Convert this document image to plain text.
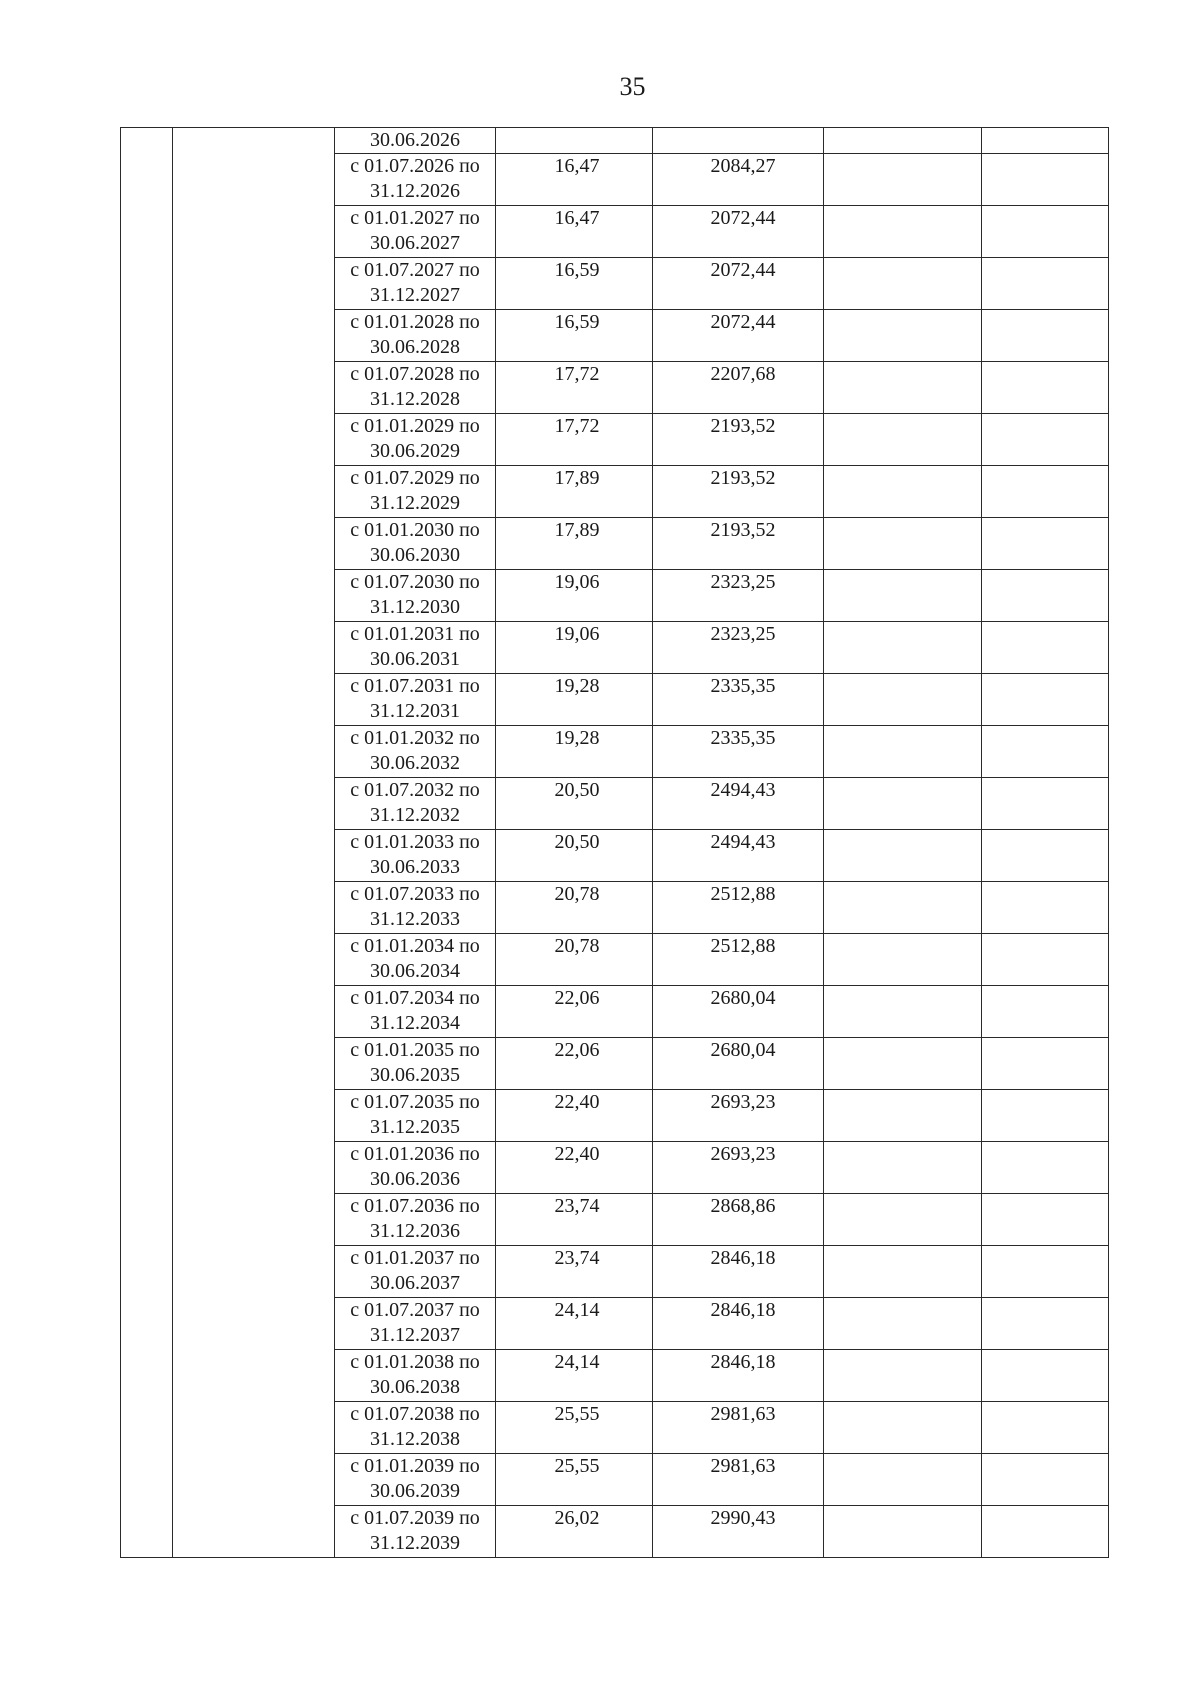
35

		30.06.2026				

		с 01.07.2026 по
31.12.2026	16,47	2084,27		

		с 01.01.2027 по
30.06.2027	16,47	2072,44		

		с 01.07.2027 по
31.12.2027	16,59	2072,44		

		с 01.01.2028 по
30.06.2028	16,59	2072,44		

		с 01.07.2028 по
31.12.2028	17,72	2207,68		

		с 01.01.2029 по
30.06.2029	17,72	2193,52		

		с 01.07.2029 по
31.12.2029	17,89	2193,52		

		с 01.01.2030 по
30.06.2030	17,89	2193,52		

		с 01.07.2030 по
31.12.2030	19,06	2323,25		

		с 01.01.2031 по
30.06.2031	19,06	2323,25		

		с 01.07.2031 по
31.12.2031	19,28	2335,35		

		с 01.01.2032 по
30.06.2032	19,28	2335,35		

		с 01.07.2032 по
31.12.2032	20,50	2494,43		

		с 01.01.2033 по
30.06.2033	20,50	2494,43		

		с 01.07.2033 по
31.12.2033	20,78	2512,88		

		с 01.01.2034 по
30.06.2034	20,78	2512,88		

		с 01.07.2034 по
31.12.2034	22,06	2680,04		

		с 01.01.2035 по
30.06.2035	22,06	2680,04		

		с 01.07.2035 по
31.12.2035	22,40	2693,23		

		с 01.01.2036 по
30.06.2036	22,40	2693,23		

		с 01.07.2036 по
31.12.2036	23,74	2868,86		

		с 01.01.2037 по
30.06.2037	23,74	2846,18		

		с 01.07.2037 по
31.12.2037	24,14	2846,18		

		с 01.01.2038 по
30.06.2038	24,14	2846,18		

		с 01.07.2038 по
31.12.2038	25,55	2981,63		

		с 01.01.2039 по
30.06.2039	25,55	2981,63		

		с 01.07.2039 по
31.12.2039	26,02	2990,43		
